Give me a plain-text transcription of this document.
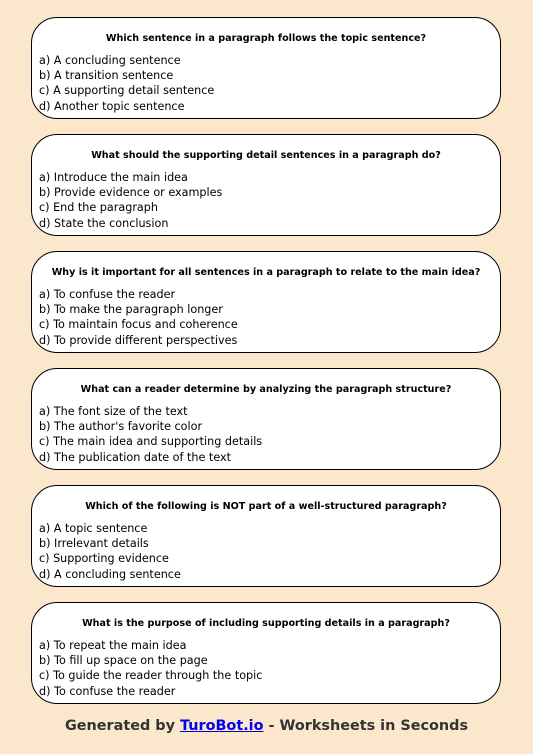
Which sentence in a paragraph follows the topic sentence?
a) A concluding sentence
b) A transition sentence
c) A supporting detail sentence
d) Another topic sentence
What should the supporting detail sentences in a paragraph do?
a) Introduce the main idea
b) Provide evidence or examples
c) End the paragraph
d) State the conclusion
Why is it important for all sentences in a paragraph to relate to the main idea?
a) To confuse the reader
b) To make the paragraph longer
c) To maintain focus and coherence
d) To provide different perspectives
What can a reader determine by analyzing the paragraph structure?
a) The font size of the text
b) The author's favorite color
c) The main idea and supporting details
d) The publication date of the text
Which of the following is NOT part of a well-structured paragraph?
a) A topic sentence
b) Irrelevant details
c) Supporting evidence
d) A concluding sentence
What is the purpose of including supporting details in a paragraph?
a) To repeat the main idea
b) To fill up space on the page
c) To guide the reader through the topic
d) To confuse the reader
Generated by TuroBot.io - Worksheets in Seconds
